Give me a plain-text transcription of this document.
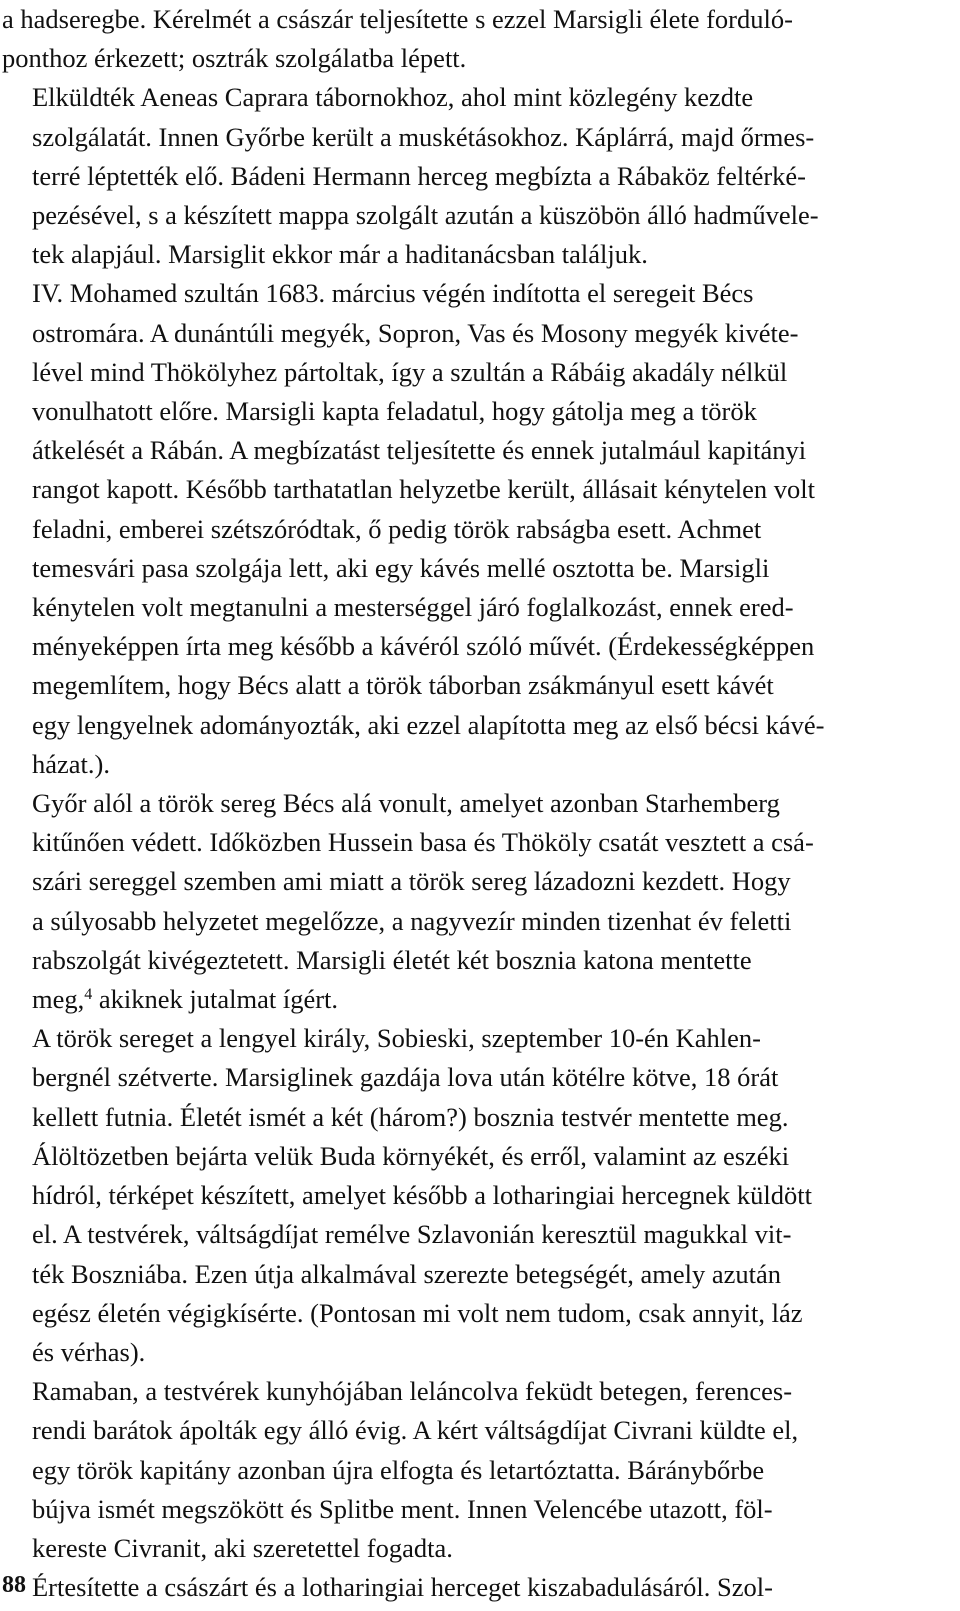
a hadseregbe. Kérelmét a császár teljesítette s ezzel Marsigli élete forduló-
ponthoz érkezett; osztrák szolgálatba lépett.

Elküldték Aeneas Caprara tábornokhoz, ahol mint közlegény kezdte
szolgálatát. Innen Győrbe került a muskétásokhoz. Káplárrá, majd őrmes-
terré léptették elő. Bádeni Hermann herceg megbízta a Rábaköz feltérké-
pezésével, s a készített mappa szolgált azután a küszöbön álló hadművele-
tek alapjául. Marsiglit ekkor már a haditanácsban találjuk.

IV. Mohamed szultán 1683. március végén indította el seregeit Bécs
ostromára. A dunántúli megyék, Sopron, Vas és Mosony megyék kivéte-
lével mind Thökölyhez pártoltak, így a szultán a Rábáig akadály nélkül
vonulhatott előre. Marsigli kapta feladatul, hogy gátolja meg a török
átkelését a Rábán. A megbízatást teljesítette és ennek jutalmául kapitányi
rangot kapott. Később tarthatatlan helyzetbe került, állásait kénytelen volt
feladni, emberei szétszóródtak, ő pedig török rabságba esett. Achmet
temesvári pasa szolgája lett, aki egy kávés mellé osztotta be. Marsigli
kénytelen volt megtanulni a mesterséggel járó foglalkozást, ennek ered-
ményeképpen írta meg később a kávéról szóló művét. (Érdekességképpen
megemlítem, hogy Bécs alatt a török táborban zsákmányul esett kávét
egy lengyelnek adományozták, aki ezzel alapította meg az első bécsi kávé-
házat.).

Győr alól a török sereg Bécs alá vonult, amelyet azonban Starhemberg
kitűnően védett. Időközben Hussein basa és Thököly csatát vesztett a csá-
szári sereggel szemben ami miatt a török sereg lázadozni kezdett. Hogy
a súlyosabb helyzetet megelőzze, a nagyvezír minden tizenhat év feletti
rabszolgát kivégeztetett. Marsigli életét két bosznia katona mentette
meg,$^4$ akiknek jutalmat ígért.

A török sereget a lengyel király, Sobieski, szeptember 10-én Kahlen-
bergnél szétverte. Marsiglinek gazdája lova után kötélre kötve, 18 órát
kellett futnia. Életét ismét a két (három?) bosznia testvér mentette meg.
Álöltözetben bejárta velük Buda környékét, és erről, valamint az eszéki
hídról, térképet készített, amelyet később a lotharingiai hercegnek küldött
el. A testvérek, váltságdíjat remélve Szlavonián keresztül magukkal vit-
ték Boszniába. Ezen útja alkalmával szerezte betegségét, amely azután
egész életén végigkísérte. (Pontosan mi volt nem tudom, csak annyit, láz
és vérhas).

Ramaban, a testvérek kunyhójában leláncolva feküdt betegen, ferences-
rendi barátok ápolták egy álló évig. A kért váltságdíjat Civrani küldte el,
egy török kapitány azonban újra elfogta és letartóztatta. Báránybőrbe
bújva ismét megszökött és Splitbe ment. Innen Velencébe utazott, föl-
kereste Civranit, aki szeretettel fogadta.

Értesítette a császárt és a lotharingiai herceget kiszabadulásáról. Szol-

88
